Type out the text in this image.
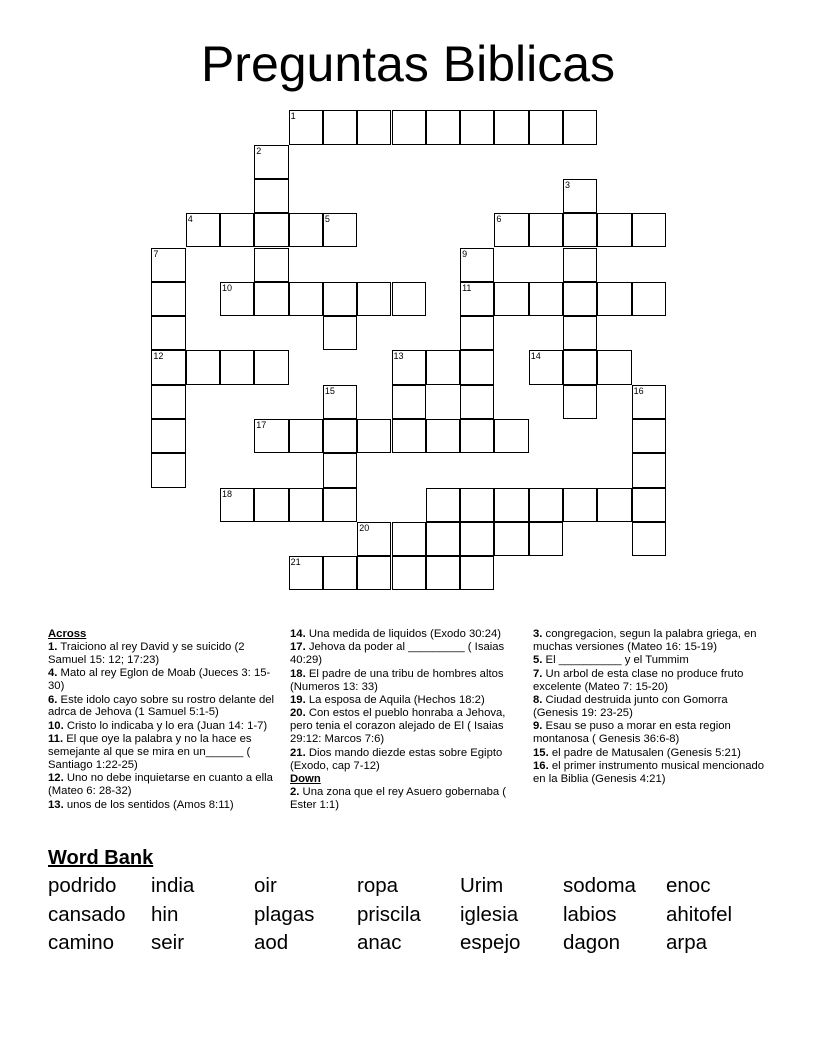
Preguntas Biblicas
1
2
3
4	5	6
7
12
9
11
10
13	14
15	16
17
18
20
21
Across
1. Traiciono al rey David y se suicido (2 Samuel 15: 12; 17:23)
4. Mato al rey Eglon de Moab (Jueces 3: 15-30)
6. Este idolo cayo sobre su rostro delante del adrca de Jehova (1 Samuel 5:1-5)
10. Cristo lo indicaba y lo era (Juan 14: 1-7)
11. El que oye la palabra y no la hace es semejante al que se mira en un______ ( Santiago 1:22-25)
12. Uno no debe inquietarse en cuanto a ella (Mateo 6: 28-32)
13. unos de los sentidos (Amos 8:11)
14. Una medida de liquidos (Exodo 30:24)
17. Jehova da poder al _________ ( Isaias 40:29)
18. El padre de una tribu de hombres altos (Numeros 13: 33)
19. La esposa de Aquila (Hechos 18:2)
20. Con estos el pueblo honraba a Jehova, pero tenia el corazon alejado de El ( Isaias 29:12: Marcos 7:6)
21. Dios mando diezde estas sobre Egipto (Exodo, cap 7-12)
Down
2. Una zona que el rey Asuero gobernaba ( Ester 1:1)
3. congregacion, segun la palabra griega, en muchas versiones (Mateo 16: 15-19)
5. El __________ y el Tummim
7. Un arbol de esta clase no produce fruto excelente (Mateo 7: 15-20)
8. Ciudad destruida junto con Gomorra (Genesis 19: 23-25)
9. Esau se puso a morar en esta region montanosa ( Genesis 36:6-8)
15. el padre de Matusalen (Genesis 5:21)
16. el primer instrumento musical mencionado en la Biblia (Genesis 4:21)
Word Bank
podrido india	oir	ropa	Urim	sodoma enoc
cansado hin	plagas priscila iglesia labios ahitofel
camino seir	aod	anac	espejo dagon arpa
